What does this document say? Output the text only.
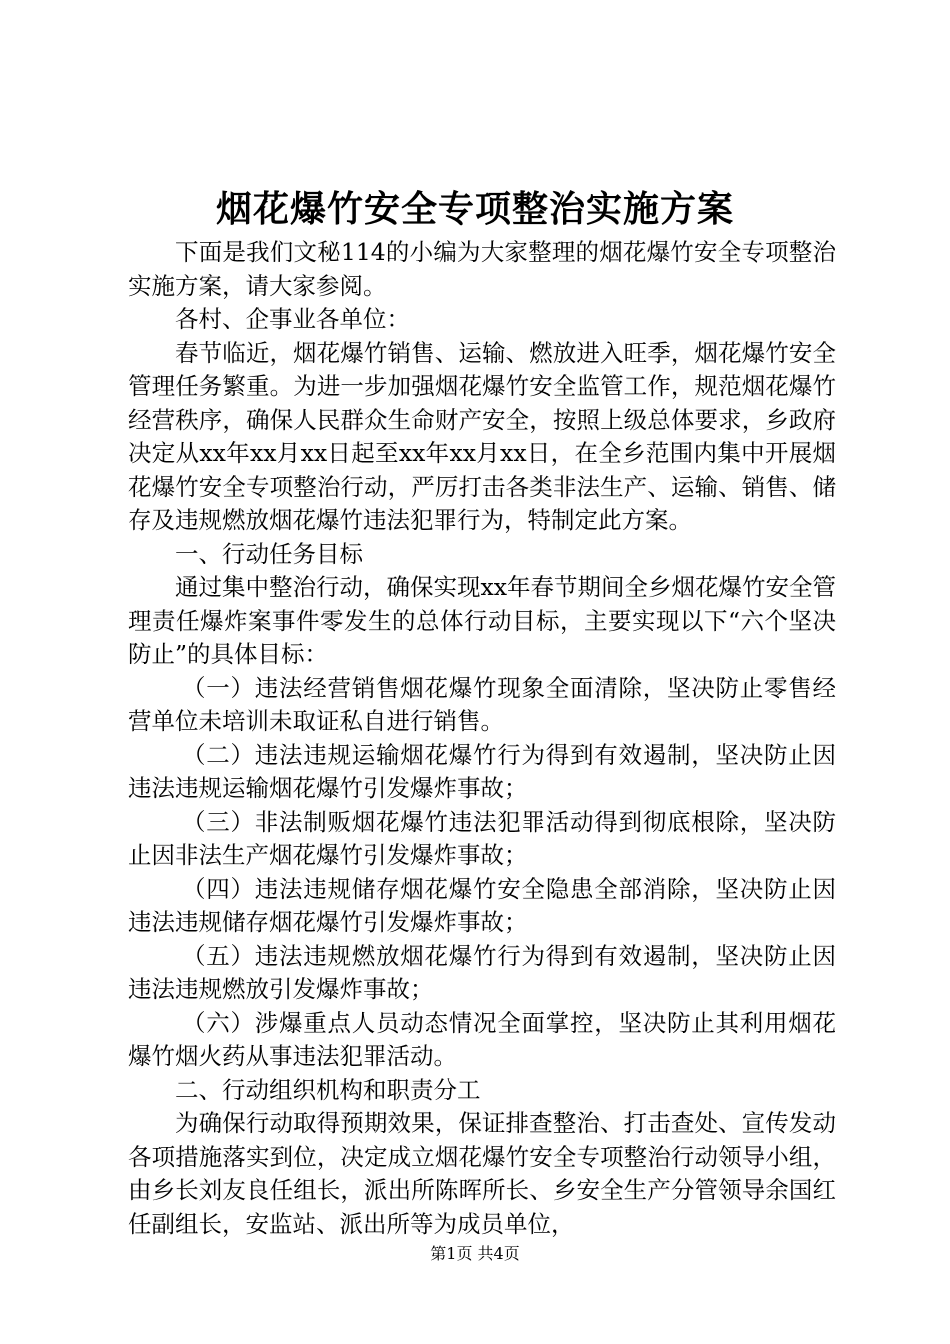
烟花爆竹安全专项整治实施方案

下面是我们文秘114的小编为大家整理的烟花爆竹安全专项整治实施方案，请大家参阅。

各村、企事业各单位：

春节临近，烟花爆竹销售、运输、燃放进入旺季，烟花爆竹安全管理任务繁重。为进一步加强烟花爆竹安全监管工作，规范烟花爆竹经营秩序，确保人民群众生命财产安全，按照上级总体要求，乡政府决定从xx年xx月xx日起至xx年xx月xx日，在全乡范围内集中开展烟花爆竹安全专项整治行动，严厉打击各类非法生产、运输、销售、储存及违规燃放烟花爆竹违法犯罪行为，特制定此方案。

一、行动任务目标

通过集中整治行动，确保实现xx年春节期间全乡烟花爆竹安全管理责任爆炸案事件零发生的总体行动目标，主要实现以下“六个坚决防止”的具体目标：

（一）违法经营销售烟花爆竹现象全面清除，坚决防止零售经营单位未培训未取证私自进行销售。

（二）违法违规运输烟花爆竹行为得到有效遏制，坚决防止因违法违规运输烟花爆竹引发爆炸事故；

（三）非法制贩烟花爆竹违法犯罪活动得到彻底根除，坚决防止因非法生产烟花爆竹引发爆炸事故；

（四）违法违规储存烟花爆竹安全隐患全部消除，坚决防止因违法违规储存烟花爆竹引发爆炸事故；

（五）违法违规燃放烟花爆竹行为得到有效遏制，坚决防止因违法违规燃放引发爆炸事故；

（六）涉爆重点人员动态情况全面掌控，坚决防止其利用烟花爆竹烟火药从事违法犯罪活动。

二、行动组织机构和职责分工

为确保行动取得预期效果，保证排查整治、打击查处、宣传发动各项措施落实到位，决定成立烟花爆竹安全专项整治行动领导小组，由乡长刘友良任组长，派出所陈晖所长、乡安全生产分管领导余国红任副组长，安监站、派出所等为成员单位，

第1页 共4页
